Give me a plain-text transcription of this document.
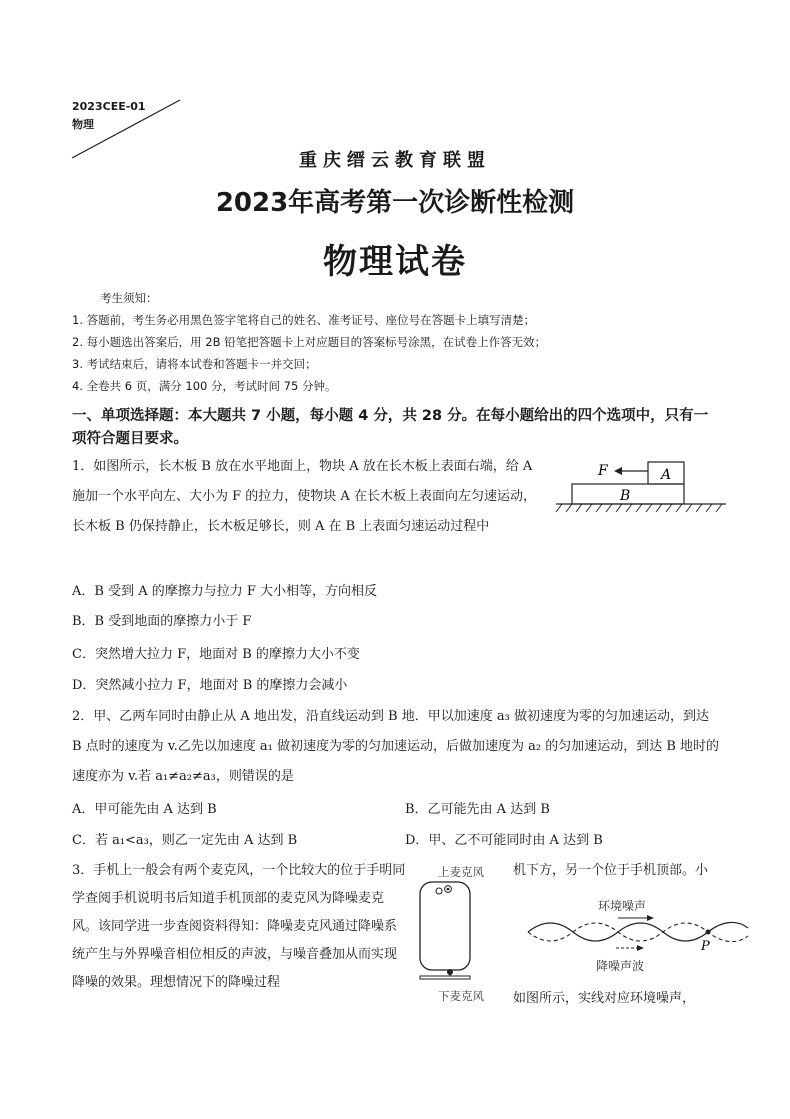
2023CEE-01
物理
重庆缙云教育联盟
2023年高考第一次诊断性检测
物理试卷
考生须知：
1. 答题前，考生务必用黑色签字笔将自己的姓名、准考证号、座位号在答题卡上填写清楚；
2. 每小题选出答案后，用 2B 铅笔把答题卡上对应题目的答案标号涂黑，在试卷上作答无效；
3. 考试结束后，请将本试卷和答题卡一并交回；
4. 全卷共 6 页，满分 100 分，考试时间 75 分钟。
一、单项选择题：本大题共 7 小题，每小题 4 分，共 28 分。在每小题给出的四个选项中，只有一项符合题目要求。
1．如图所示，长木板 B 放在水平地面上，物块 A 放在长木板上表面右端，给 A 施加一个水平向左、大小为 F 的拉力，使物块 A 在长木板上表面向左匀速运动，长木板 B 仍保持静止，长木板足够长，则 A 在 B 上表面匀速运动过程中
A
B
F
A．B 受到 A 的摩擦力与拉力 F 大小相等，方向相反
B．B 受到地面的摩擦力小于 F
C．突然增大拉力 F，地面对 B 的摩擦力大小不变
D．突然减小拉力 F，地面对 B 的摩擦力会减小
2．甲、乙两车同时由静止从 A 地出发，沿直线运动到 B 地．甲以加速度 a₃ 做初速度为零的匀加速运动，到达 B 点时的速度为 v.乙先以加速度 a₁ 做初速度为零的匀加速运动，后做加速度为 a₂ 的匀加速运动，到达 B 地时的速度亦为 v.若 a₁≠a₂≠a₃，则错误的是
A．甲可能先由 A 达到 B	B．乙可能先由 A 达到 B
C．若 a₁<a₃，则乙一定先由 A 达到 B	D．甲、乙不可能同时由 A 达到 B
3．手机上一般会有两个麦克风，一个比较大的位于手明同学查阅手机说明书后知道手机顶部的麦克风为降噪麦克风。该同学进一步查阅资料得知：降噪麦克风通过降噪系统产生与外界噪音相位相反的声波，与噪音叠加从而实现降噪的效果。理想情况下的降噪过程
机下方，另一个位于手机顶部。小
如图所示，实线对应环境噪声，
上麦克风
下麦克风
环境噪声
P
降噪声波
